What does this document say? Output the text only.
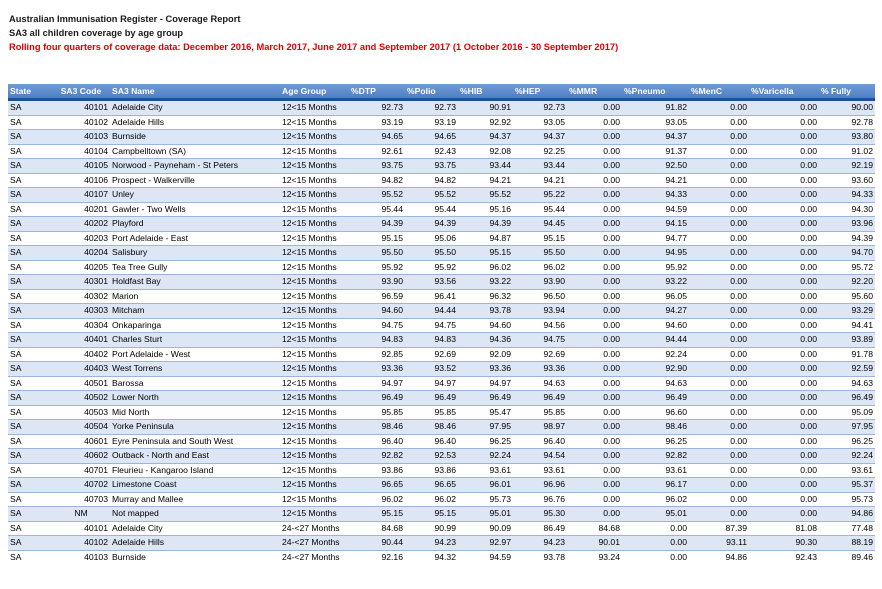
Australian Immunisation Register - Coverage Report
SA3 all children coverage by age group
Rolling four quarters of coverage data: December 2016, March 2017, June 2017 and September 2017 (1 October 2016 - 30 September 2017)
State	SA3 Code	SA3 Name	Age Group	%DTP	%Polio	%HIB	%HEP	%MMR	%Pneumo	%MenC	%Varicella	% Fully
SA	40101	Adelaide City	12<15 Months	92.73	92.73	90.91	92.73	0.00	91.82	0.00	0.00	90.00
SA	40102	Adelaide Hills	12<15 Months	93.19	93.19	92.92	93.05	0.00	93.05	0.00	0.00	92.78
SA	40103	Burnside	12<15 Months	94.65	94.65	94.37	94.37	0.00	94.37	0.00	0.00	93.80
SA	40104	Campbelltown (SA)	12<15 Months	92.61	92.43	92.08	92.25	0.00	91.37	0.00	0.00	91.02
SA	40105	Norwood - Payneham - St Peters	12<15 Months	93.75	93.75	93.44	93.44	0.00	92.50	0.00	0.00	92.19
SA	40106	Prospect - Walkerville	12<15 Months	94.82	94.82	94.21	94.21	0.00	94.21	0.00	0.00	93.60
SA	40107	Unley	12<15 Months	95.52	95.52	95.52	95.22	0.00	94.33	0.00	0.00	94.33
SA	40201	Gawler - Two Wells	12<15 Months	95.44	95.44	95.16	95.44	0.00	94.59	0.00	0.00	94.30
SA	40202	Playford	12<15 Months	94.39	94.39	94.39	94.45	0.00	94.15	0.00	0.00	93.96
SA	40203	Port Adelaide - East	12<15 Months	95.15	95.06	94.87	95.15	0.00	94.77	0.00	0.00	94.39
SA	40204	Salisbury	12<15 Months	95.50	95.50	95.15	95.50	0.00	94.95	0.00	0.00	94.70
SA	40205	Tea Tree Gully	12<15 Months	95.92	95.92	96.02	96.02	0.00	95.92	0.00	0.00	95.72
SA	40301	Holdfast Bay	12<15 Months	93.90	93.56	93.22	93.90	0.00	93.22	0.00	0.00	92.20
SA	40302	Marion	12<15 Months	96.59	96.41	96.32	96.50	0.00	96.05	0.00	0.00	95.60
SA	40303	Mitcham	12<15 Months	94.60	94.44	93.78	93.94	0.00	94.27	0.00	0.00	93.29
SA	40304	Onkaparinga	12<15 Months	94.75	94.75	94.60	94.56	0.00	94.60	0.00	0.00	94.41
SA	40401	Charles Sturt	12<15 Months	94.83	94.83	94.36	94.75	0.00	94.44	0.00	0.00	93.89
SA	40402	Port Adelaide - West	12<15 Months	92.85	92.69	92.09	92.69	0.00	92.24	0.00	0.00	91.78
SA	40403	West Torrens	12<15 Months	93.36	93.52	93.36	93.36	0.00	92.90	0.00	0.00	92.59
SA	40501	Barossa	12<15 Months	94.97	94.97	94.97	94.63	0.00	94.63	0.00	0.00	94.63
SA	40502	Lower North	12<15 Months	96.49	96.49	96.49	96.49	0.00	96.49	0.00	0.00	96.49
SA	40503	Mid North	12<15 Months	95.85	95.85	95.47	95.85	0.00	96.60	0.00	0.00	95.09
SA	40504	Yorke Peninsula	12<15 Months	98.46	98.46	97.95	98.97	0.00	98.46	0.00	0.00	97.95
SA	40601	Eyre Peninsula and South West	12<15 Months	96.40	96.40	96.25	96.40	0.00	96.25	0.00	0.00	96.25
SA	40602	Outback - North and East	12<15 Months	92.82	92.53	92.24	94.54	0.00	92.82	0.00	0.00	92.24
SA	40701	Fleurieu - Kangaroo Island	12<15 Months	93.86	93.86	93.61	93.61	0.00	93.61	0.00	0.00	93.61
SA	40702	Limestone Coast	12<15 Months	96.65	96.65	96.01	96.96	0.00	96.17	0.00	0.00	95.37
SA	40703	Murray and Mallee	12<15 Months	96.02	96.02	95.73	96.76	0.00	96.02	0.00	0.00	95.73
SA	NM	Not mapped	12<15 Months	95.15	95.15	95.01	95.30	0.00	95.01	0.00	0.00	94.86
SA	40101	Adelaide City	24-<27 Months	84.68	90.99	90.09	86.49	84.68	0.00	87.39	81.08	77.48
SA	40102	Adelaide Hills	24-<27 Months	90.44	94.23	92.97	94.23	90.01	0.00	93.11	90.30	88.19
SA	40103	Burnside	24-<27 Months	92.16	94.32	94.59	93.78	93.24	0.00	94.86	92.43	89.46
